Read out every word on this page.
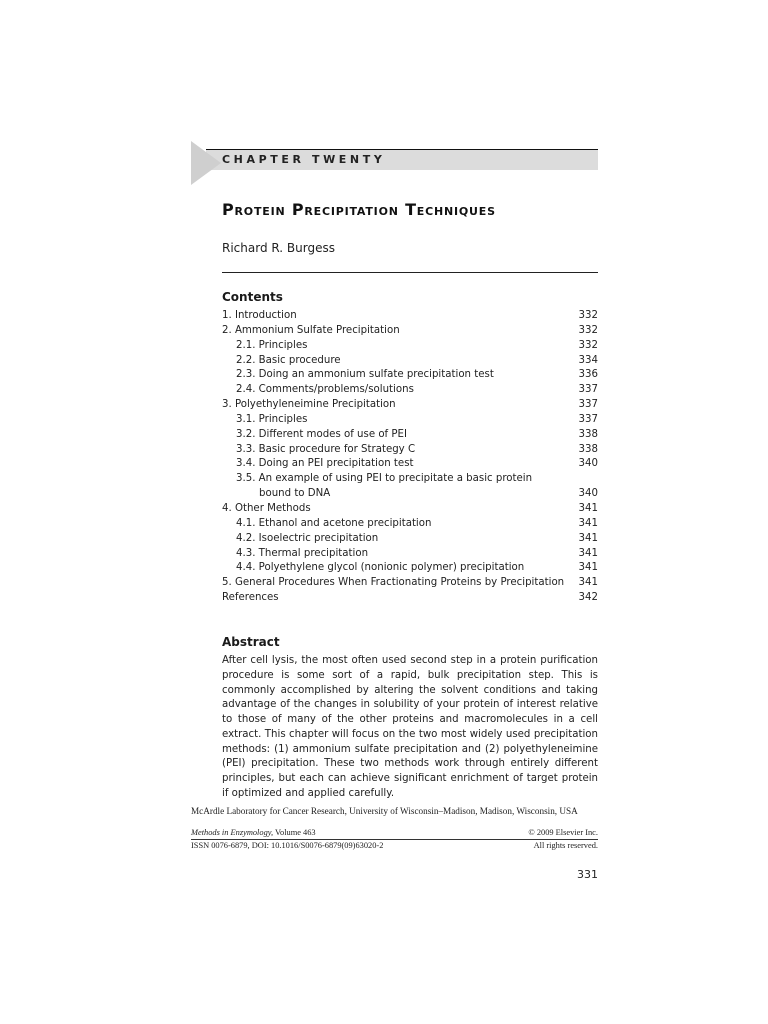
CHAPTER TWENTY
Protein Precipitation Techniques
Richard R. Burgess
Contents
1. Introduction	332
2. Ammonium Sulfate Precipitation	332
2.1. Principles	332
2.2. Basic procedure	334
2.3. Doing an ammonium sulfate precipitation test	336
2.4. Comments/problems/solutions	337
3. Polyethyleneimine Precipitation	337
3.1. Principles	337
3.2. Different modes of use of PEI	338
3.3. Basic procedure for Strategy C	338
3.4. Doing an PEI precipitation test	340
3.5. An example of using PEI to precipitate a basic protein
bound to DNA	340
4. Other Methods	341
4.1. Ethanol and acetone precipitation	341
4.2. Isoelectric precipitation	341
4.3. Thermal precipitation	341
4.4. Polyethylene glycol (nonionic polymer) precipitation	341
5. General Procedures When Fractionating Proteins by Precipitation 341
References	342
Abstract

After cell lysis, the most often used second step in a protein purification procedure is some sort of a rapid, bulk precipitation step. This is commonly accomplished by altering the solvent conditions and taking advantage of the changes in solubility of your protein of interest relative to those of many of the other proteins and macromolecules in a cell extract. This chapter will focus on the two most widely used precipitation methods: (1) ammonium sulfate precipitation and (2) polyethyleneimine (PEI) precipitation. These two methods work through entirely different principles, but each can achieve significant enrichment of target protein if optimized and applied carefully.

McArdle Laboratory for Cancer Research, University of Wisconsin–Madison, Madison, Wisconsin, USA
Methods in Enzymology, Volume 463	© 2009 Elsevier Inc.
ISSN 0076-6879, DOI: 10.1016/S0076-6879(09)63020-2	All rights reserved.
331
